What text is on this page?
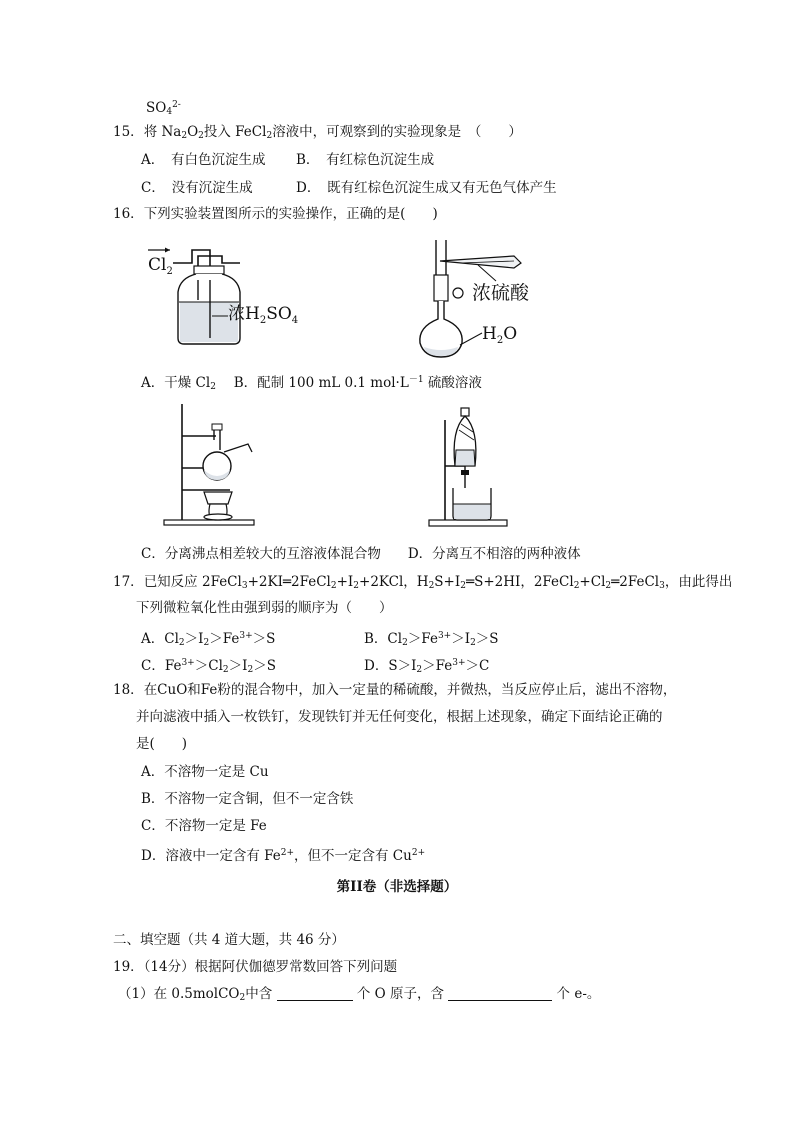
$SO_4^{2-}$
15．将 $Na_2O_2$投入 FeCl$_2$溶液中，可观察到的实验现象是　（　　）
A．　有白色沉淀生成 B．　有红棕色沉淀生成
C．　没有沉淀生成	D．　既有红棕色沉淀生成又有无色气体产生
16．下列实验装置图所示的实验操作，正确的是(　　)
$Cl_2$
浓$H_2SO_4$
浓硫酸
$H_2O$
A．干燥 $Cl_2$　 B．配制 100 mL 0.1 $mol\cdot L^{-1}$ 硫酸溶液
C．分离沸点相差较大的互溶液体混合物　　D．分离互不相溶的两种液体
17．已知反应 $2FeCl_3+2KI═2FeCl_2+I_2+2KCl$，$H_2S+I_2═S+2HI$，$2FeCl_2+Cl_2═2FeCl_3$，由此得出
下列微粒氧化性由强到弱的顺序为（　　）
A．$Cl_2>I_2>Fe^{3+}>S$	B．$Cl_2>Fe^{3+}>I_2>S$
C．$Fe^{3+}>Cl_2>I_2>S$	D．$S>I_2>Fe^{3+}>C$
18．在CuO和Fe粉的混合物中，加入一定量的稀硫酸，并微热，当反应停止后，滤出不溶物，
并向滤液中插入一枚铁钉，发现铁钉并无任何变化，根据上述现象，确定下面结论正确的
是(　　)
A．不溶物一定是 Cu
B．不溶物一定含铜，但不一定含铁
C．不溶物一定是 Fe
D．溶液中一定含有 $Fe^{2+}$，但不一定含有 $Cu^{2+}$
第II卷（非选择题）
二、填空题（共 4 道大题，共 46 分）
19．（14分）根据阿伏伽德罗常数回答下列问题
（1）在 0.5molCO$_2$中含	个 O 原子，含	个 e-。
